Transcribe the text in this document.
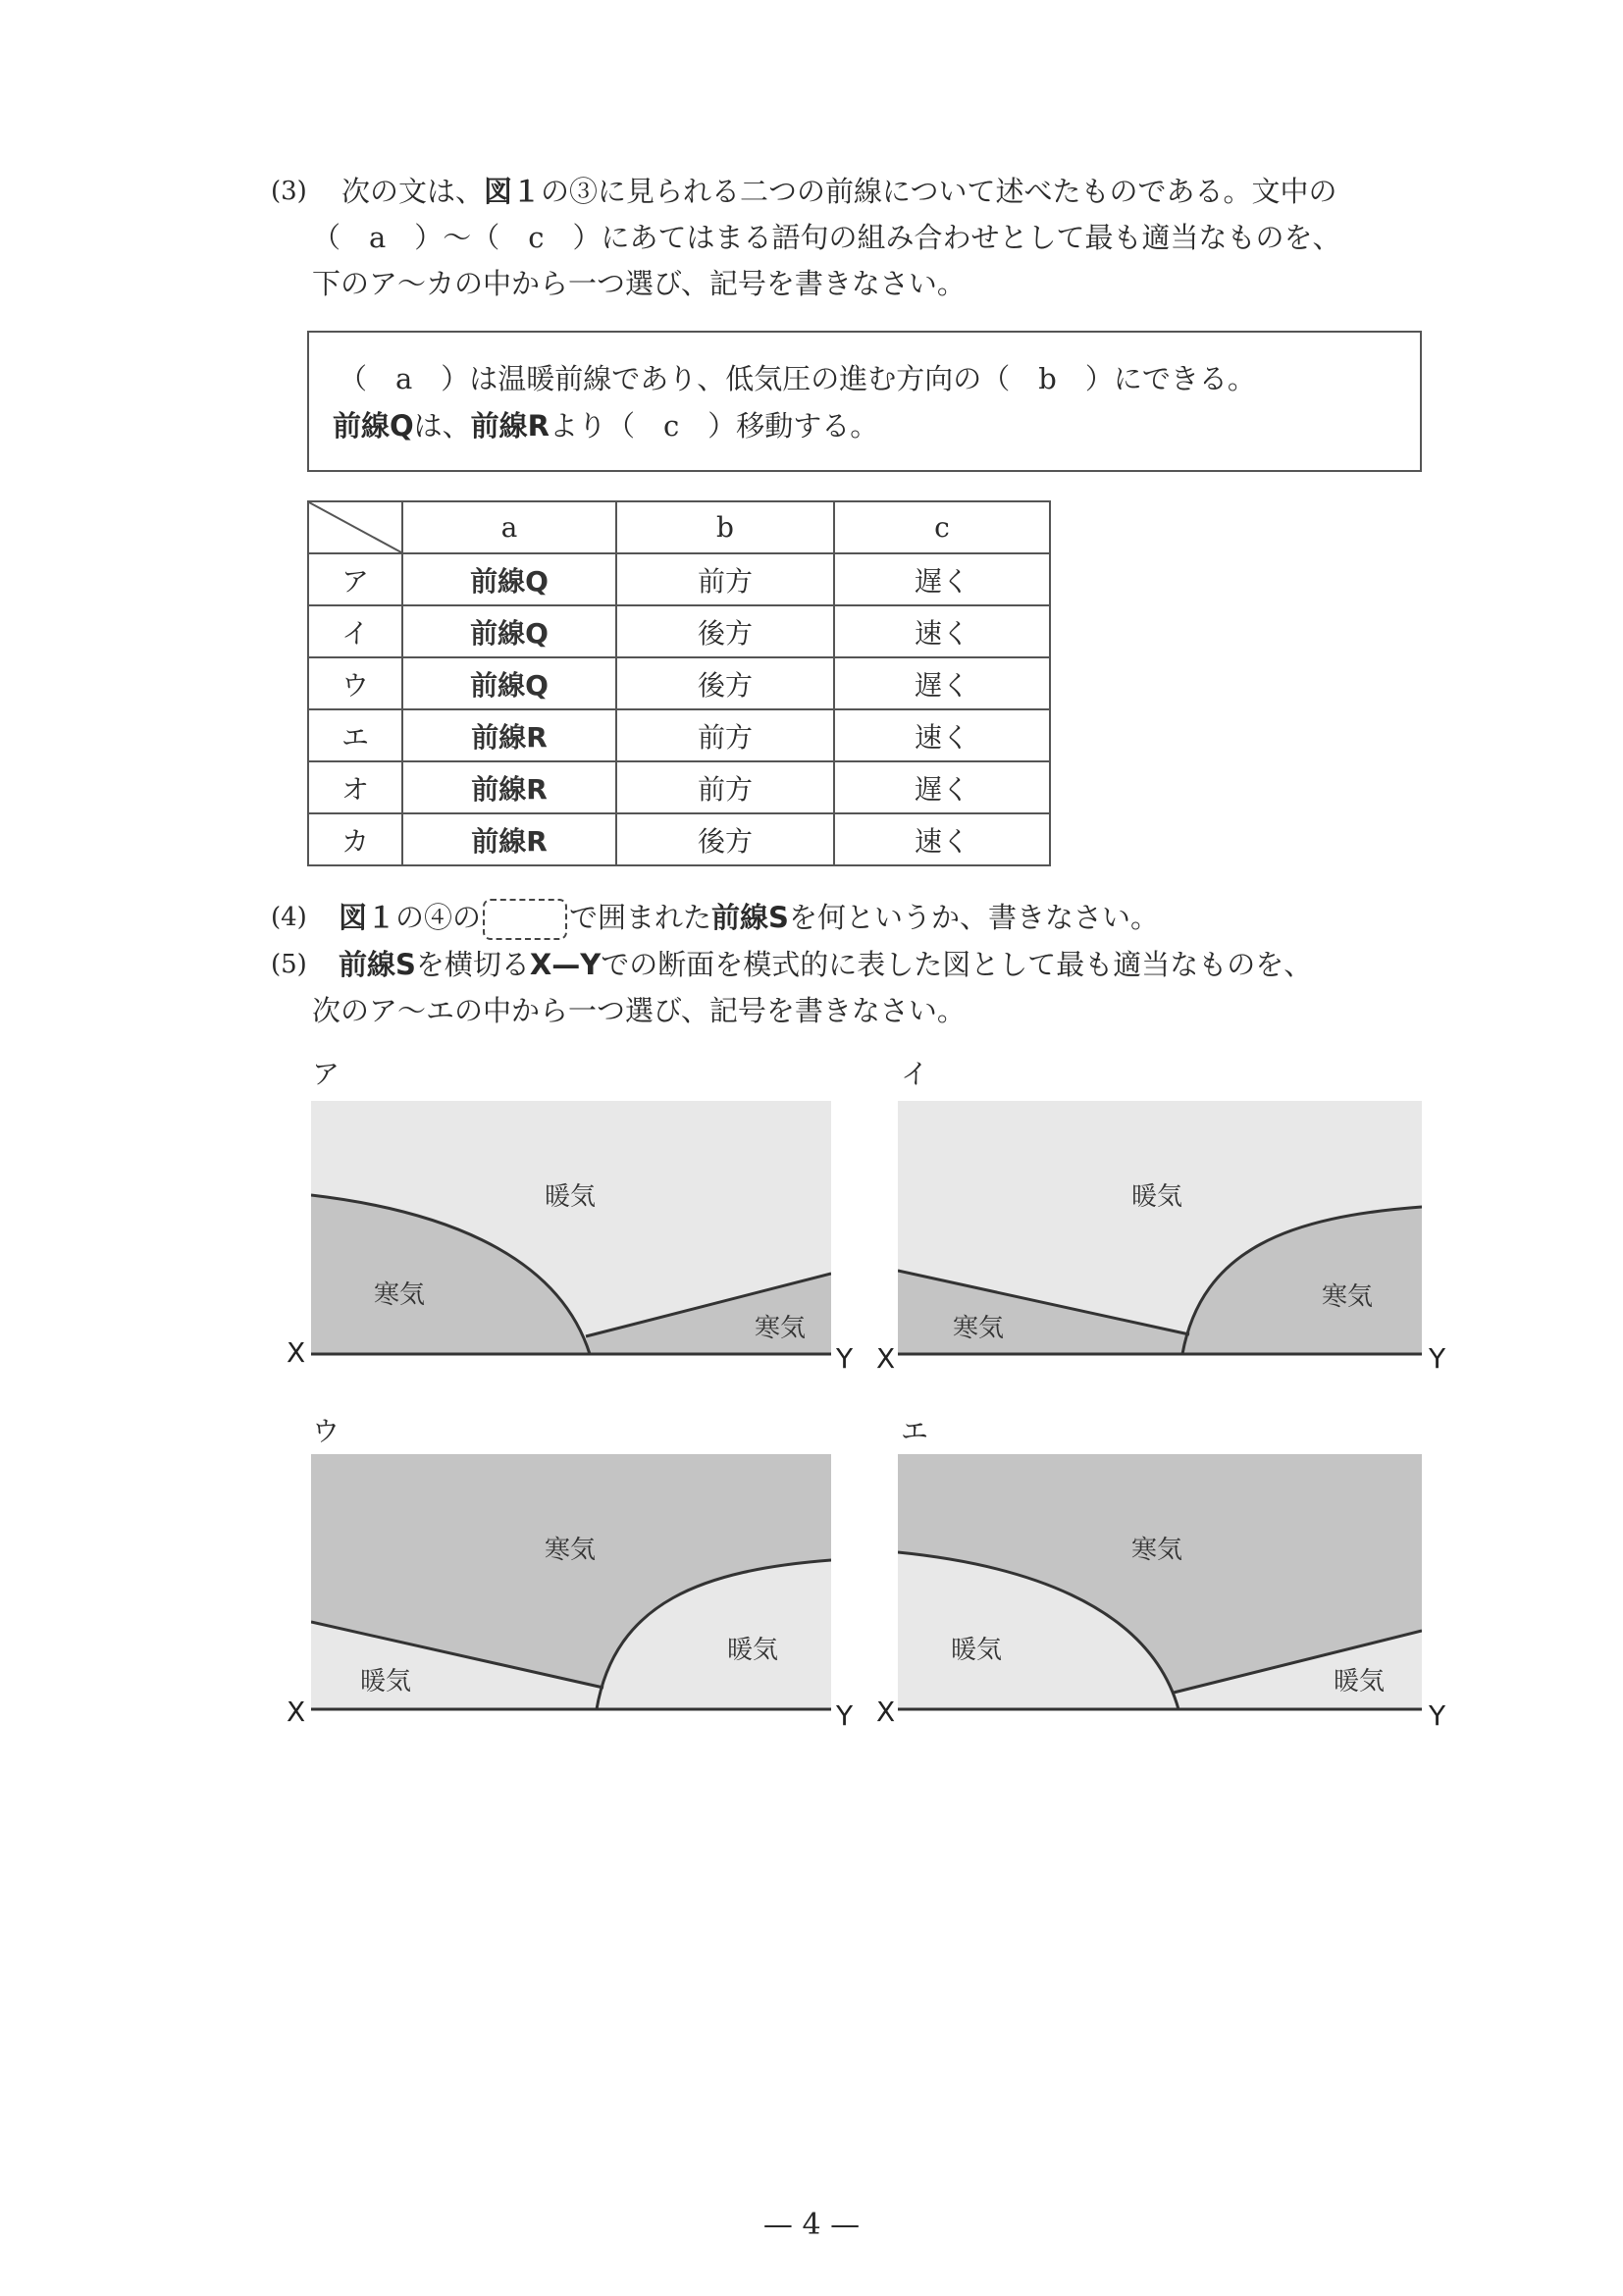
(3) 次の文は、図１の③に見られる二つの前線について述べたものである。文中の
（　a　）〜（　c　）にあてはまる語句の組み合わせとして最も適当なものを、
下のア〜カの中から一つ選び、記号を書きなさい。
（　a　）は温暖前線であり、低気圧の進む方向の（　b　）にできる。
前線Qは、前線Rより（　c　）移動する。
	a	b	c
ア	前線Q	前方	遅く
イ	前線Q	後方	速く
ウ	前線Q	後方	遅く
エ	前線R	前方	速く
オ	前線R	前方	遅く
カ	前線R	後方	速く
(4) 図１の④の	で囲まれた前線Sを何というか、書きなさい。
(5) 前線Sを横切るX—Yでの断面を模式的に表した図として最も適当なものを、
次のア〜エの中から一つ選び、記号を書きなさい。
ア
暖気
寒気
寒気
X	Y
イ
暖気
寒気
寒気
X	Y
ウ
寒気
暖気
暖気
X	Y
エ
寒気
暖気
暖気
X	Y
— 4 —
